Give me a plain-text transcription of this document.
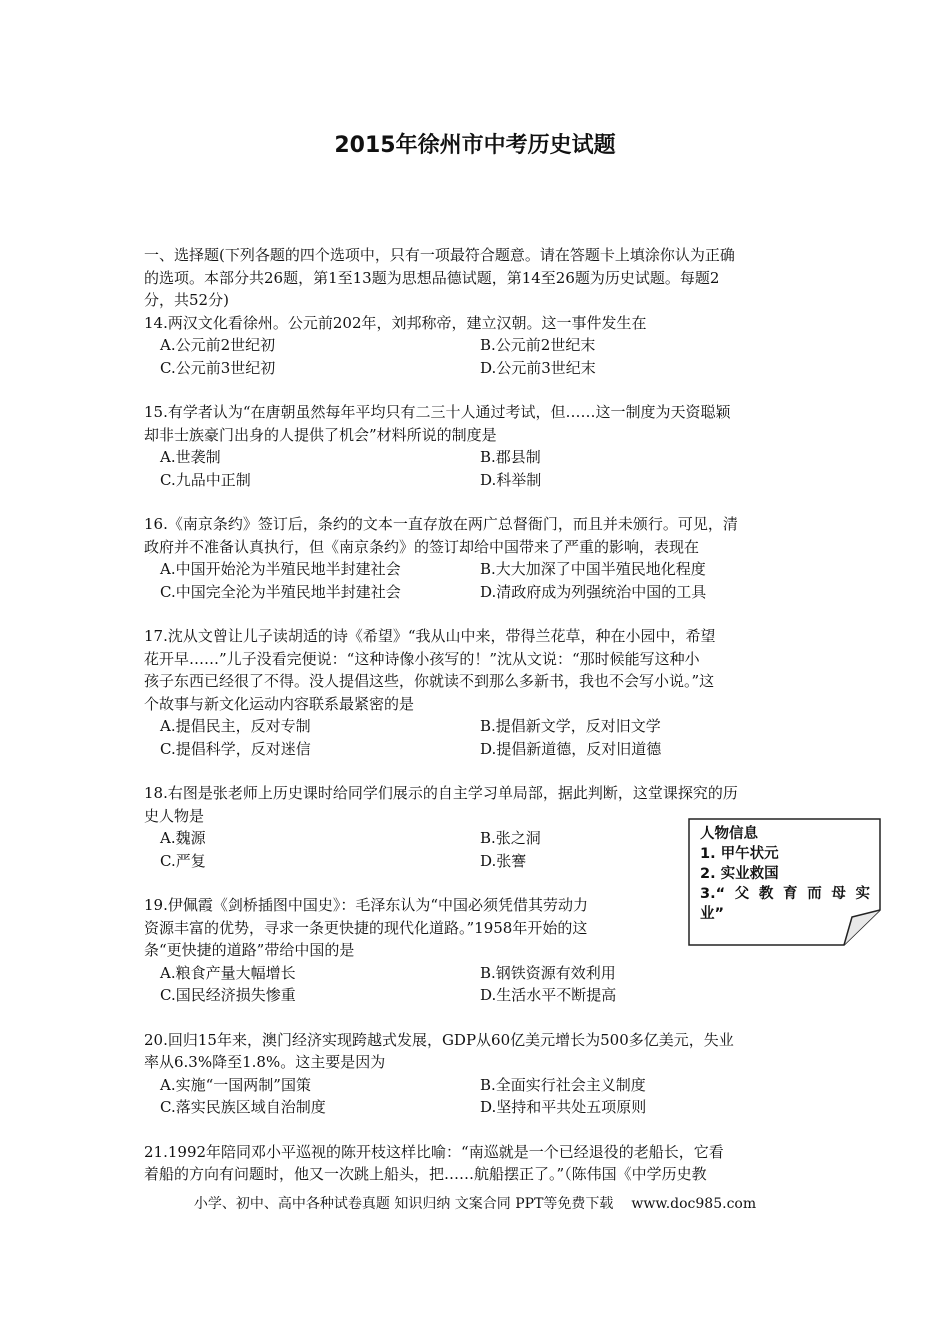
2015年徐州市中考历史试题

一、选择题(下列各题的四个选项中，只有一项最符合题意。请在答题卡上填涂你认为正确

的选项。本部分共26题，第1至13题为思想品德试题，第14至26题为历史试题。每题2

分，共52分)

14.两汉文化看徐州。公元前202年，刘邦称帝，建立汉朝。这一事件发生在

A.公元前2世纪初	B.公元前2世纪末
C.公元前3世纪初	D.公元前3世纪末

15.有学者认为“在唐朝虽然每年平均只有二三十人通过考试，但……这一制度为天资聪颖

却非士族豪门出身的人提供了机会”材料所说的制度是

A.世袭制	B.郡县制
C.九品中正制	D.科举制

16.《南京条约》签订后，条约的文本一直存放在两广总督衙门，而且并未颁行。可见，清

政府并不准备认真执行，但《南京条约》的签订却给中国带来了严重的影响，表现在

A.中国开始沦为半殖民地半封建社会	B.大大加深了中国半殖民地化程度
C.中国完全沦为半殖民地半封建社会	D.清政府成为列强统治中国的工具

17.沈从文曾让儿子读胡适的诗《希望》“我从山中来，带得兰花草，种在小园中，希望

花开早……”儿子没看完便说：“这种诗像小孩写的！”沈从文说：“那时候能写这种小

孩子东西已经很了不得。没人提倡这些，你就读不到那么多新书，我也不会写小说。”这

个故事与新文化运动内容联系最紧密的是

A.提倡民主，反对专制	B.提倡新文学，反对旧文学
C.提倡科学，反对迷信	D.提倡新道德，反对旧道德

18.右图是张老师上历史课时给同学们展示的自主学习单局部，据此判断，这堂课探究的历

史人物是

A.魏源	B.张之洞
C.严复	D.张謇

19.伊佩霞《剑桥插图中国史》：毛泽东认为“中国必须凭借其劳动力

资源丰富的优势，寻求一条更快捷的现代化道路。”1958年开始的这

条“更快捷的道路”带给中国的是

A.粮食产量大幅增长	B.钢铁资源有效利用
C.国民经济损失惨重	D.生活水平不断提高

20.回归15年来，澳门经济实现跨越式发展，GDP从60亿美元增长为500多亿美元，失业

率从6.3%降至1.8%。这主要是因为

A.实施“一国两制”国策	B.全面实行社会主义制度
C.落实民族区域自治制度	D.坚持和平共处五项原则

21.1992年陪同邓小平巡视的陈开枝这样比喻：“南巡就是一个已经退役的老船长，它看

着船的方向有问题时，他又一次跳上船头，把……航船摆正了。”（陈伟国《中学历史教

人物信息
1. 甲午状元
2. 实业救国
3.“父教育而母实
业”
小学、初中、高中各种试卷真题 知识归纳 文案合同 PPT等免费下载 www.doc985.com
